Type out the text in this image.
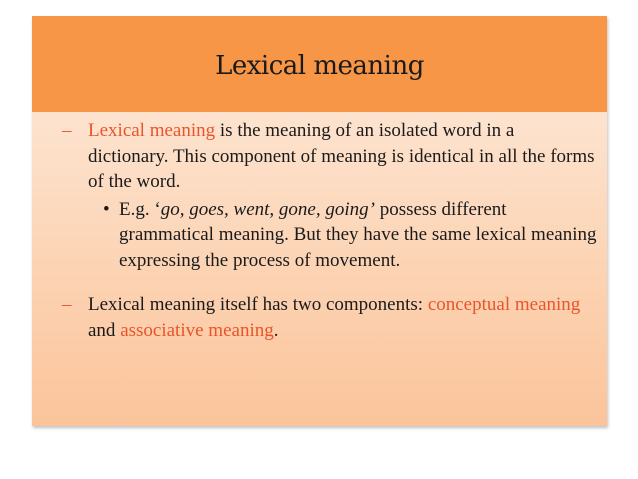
Lexical meaning

– Lexical meaning is the meaning of an isolated word in a dictionary. This component of meaning is identical in all the forms of the word.

• E.g. ‘go, goes, went, gone, going’ possess different grammatical meaning. But they have the same lexical meaning expressing the process of movement.

– Lexical meaning itself has two components: conceptual meaning and associative meaning.
